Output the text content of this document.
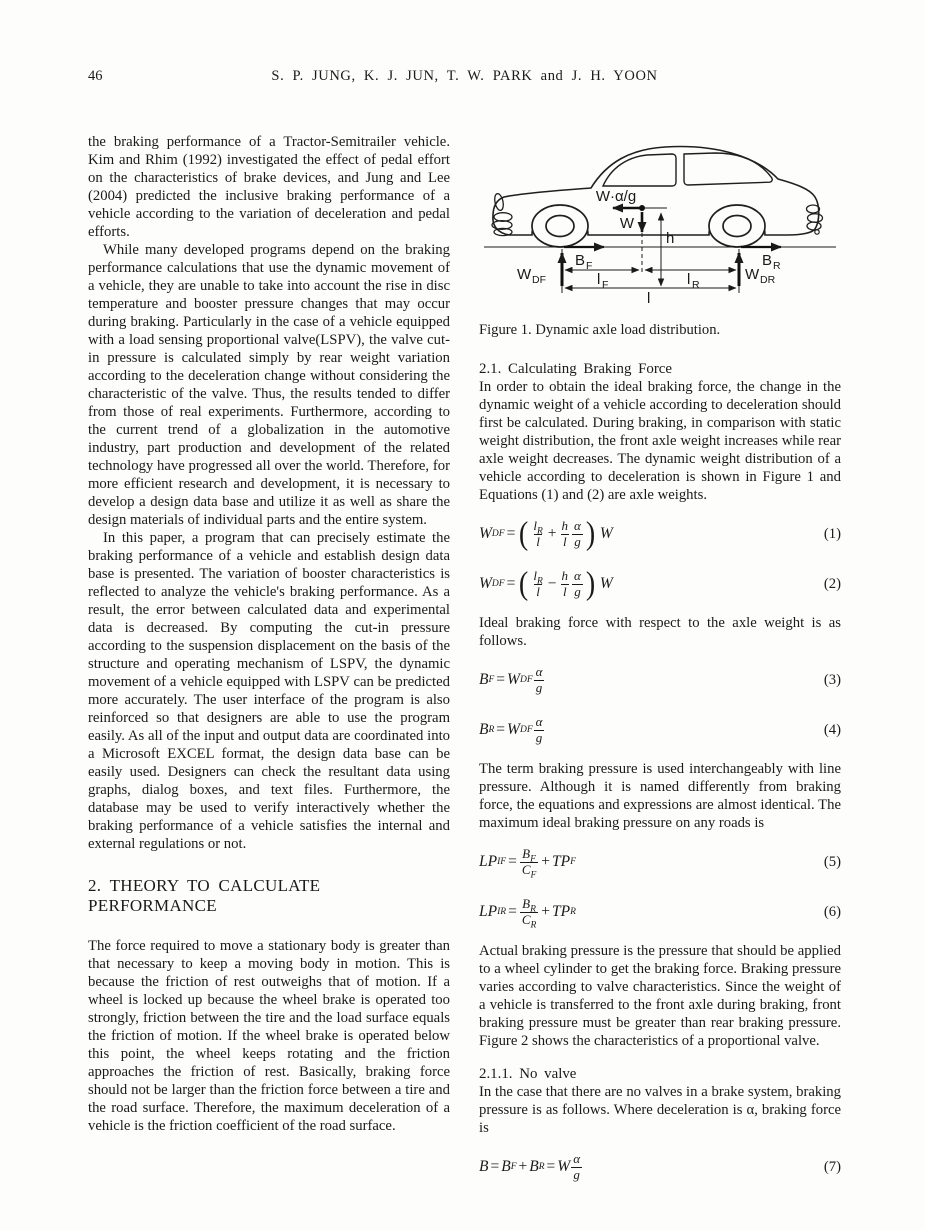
46	S. P. JUNG, K. J. JUN, T. W. PARK and J. H. YOON

the braking performance of a Tractor-Semitrailer vehicle. Kim and Rhim (1992) investigated the effect of pedal effort on the characteristics of brake devices, and Jung and Lee (2004) predicted the inclusive braking performance of a vehicle according to the variation of deceleration and pedal efforts.

While many developed programs depend on the braking performance calculations that use the dynamic movement of a vehicle, they are unable to take into account the rise in disc temperature and booster pressure changes that may occur during braking. Particularly in the case of a vehicle equipped with a load sensing proportional valve(LSPV), the valve cut-in pressure is calculated simply by rear weight variation according to the deceleration change without considering the characteristic of the valve. Thus, the results tended to differ from those of real experiments. Furthermore, according to the current trend of a globalization in the automotive industry, part production and development of the related technology have progressed all over the world. Therefore, for more efficient research and development, it is necessary to develop a design data base and utilize it as well as share the design materials of individual parts and the entire system.

In this paper, a program that can precisely estimate the braking performance of a vehicle and establish design data base is presented. The variation of booster characteristics is reflected to analyze the vehicle's braking performance. As a result, the error between calculated data and experimental data is decreased. By computing the cut-in pressure according to the suspension displacement on the basis of the structure and operating mechanism of LSPV, the dynamic movement of a vehicle equipped with LSPV can be predicted more accurately. The user interface of the program is also reinforced so that designers are able to use the program easily. As all of the input and output data are coordinated into a Microsoft EXCEL format, the design data base can be easily used. Designers can check the resultant data using graphs, dialog boxes, and text files. Furthermore, the database may be used to verify interactively whether the braking performance of a vehicle satisfies the internal and external regulations or not.

2. THEORY TO CALCULATE PERFORMANCE

The force required to move a stationary body is greater than that necessary to keep a moving body in motion. This is because the friction of rest outweighs that of motion. If a wheel is locked up because the wheel brake is operated too strongly, friction between the tire and the load surface equals the friction of motion. If the wheel brake is operated below this point, the wheel keeps rotating and the friction approaches the friction of rest. Basically, braking force should not be larger than the friction force between a tire and the road surface. Therefore, the maximum deceleration of a vehicle is the friction coefficient of the road surface.

W·α/g
W
h
B F	B R
W DF	W DR
l F	l R
l

Figure 1. Dynamic axle load distribution.

2.1. Calculating Braking Force

In order to obtain the ideal braking force, the change in the dynamic weight of a vehicle according to deceleration should first be calculated. During braking, in comparison with static weight distribution, the front axle weight increases while rear axle weight decreases. The dynamic weight distribution of a vehicle according to deceleration is shown in Figure 1 and Equations (1) and (2) are axle weights.

W DF = ( $\frac{l_R}{l} + \frac{h}{l} \frac{\alpha}{g}$ ) W	(1)
W DF = ( $\frac{l_R}{l} - \frac{h}{l} \frac{\alpha}{g}$ ) W	(2)

Ideal braking force with respect to the axle weight is as follows.

B F = W DF $\frac{\alpha}{g}$	(3)
B R = W DF $\frac{\alpha}{g}$	(4)

The term braking pressure is used interchangeably with line pressure. Although it is named differently from braking force, the equations and expressions are almost identical. The maximum ideal braking pressure on any roads is

LP IF = $\frac{B_F}{C_F}$ + TP F	(5)
LP IR = $\frac{B_R}{C_R}$ + TP R	(6)

Actual braking pressure is the pressure that should be applied to a wheel cylinder to get the braking force. Braking pressure varies according to valve characteristics. Since the weight of a vehicle is transferred to the front axle during braking, front braking pressure must be greater than rear braking pressure. Figure 2 shows the characteristics of a proportional valve.

2.1.1. No valve

In the case that there are no valves in a brake system, braking pressure is as follows. Where deceleration is α, braking force is

B = B F + B R = W $\frac{\alpha}{g}$	(7)
